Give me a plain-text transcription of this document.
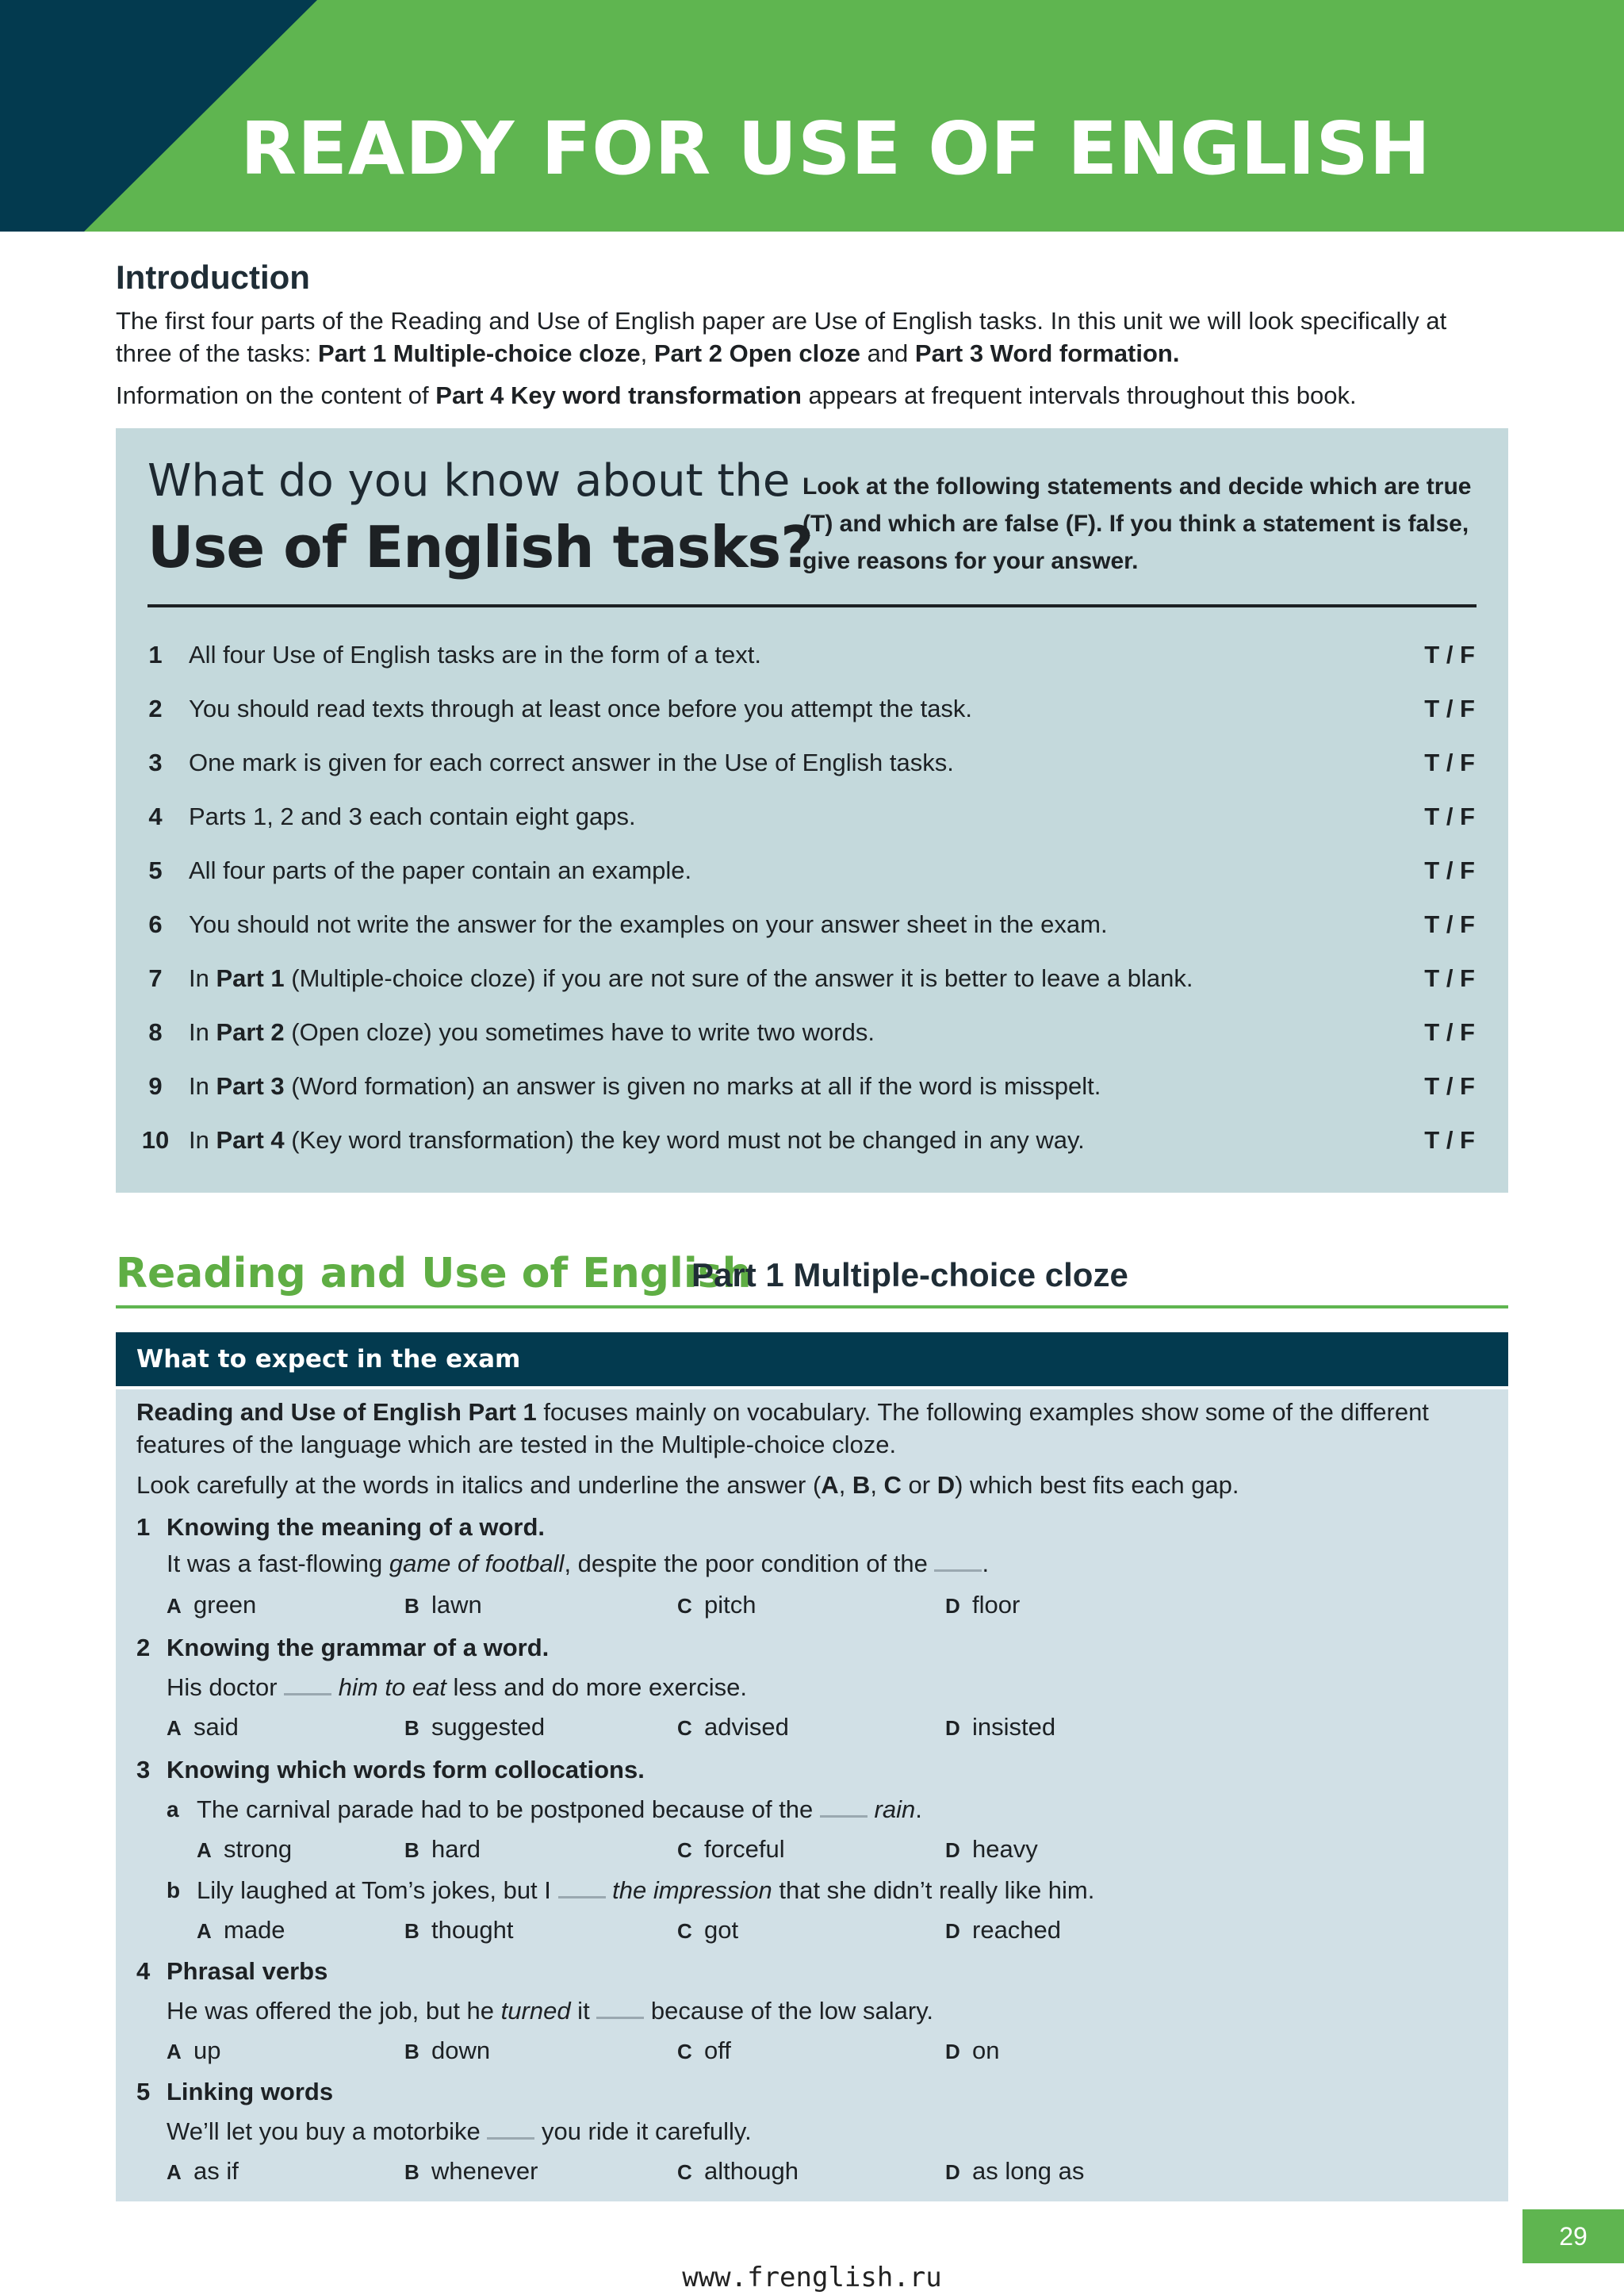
READY FOR USE OF ENGLISH
Introduction
The first four parts of the Reading and Use of English paper are Use of English tasks. In this unit we will look specifically at three of the tasks: Part 1 Multiple-choice cloze, Part 2 Open cloze and Part 3 Word formation.
Information on the content of Part 4 Key word transformation appears at frequent intervals throughout this book.
What do you know about the
Use of English tasks?
Look at the following statements and decide which are true (T) and which are false (F). If you think a statement is false, give reasons for your answer.
1	All four Use of English tasks are in the form of a text.	T / F
2	You should read texts through at least once before you attempt the task.	T / F
3	One mark is given for each correct answer in the Use of English tasks.	T / F
4	Parts 1, 2 and 3 each contain eight gaps.	T / F
5	All four parts of the paper contain an example.	T / F
6	You should not write the answer for the examples on your answer sheet in the exam.	T / F
7	In Part 1 (Multiple-choice cloze) if you are not sure of the answer it is better to leave a blank.	T / F
8	In Part 2 (Open cloze) you sometimes have to write two words.	T / F
9	In Part 3 (Word formation) an answer is given no marks at all if the word is misspelt.	T / F
10 In Part 4 (Key word transformation) the key word must not be changed in any way.	T / F
Reading and Use of English
Part 1 Multiple-choice cloze
What to expect in the exam
Reading and Use of English Part 1 focuses mainly on vocabulary. The following examples show some of the different features of the language which are tested in the Multiple-choice cloze.
Look carefully at the words in italics and underline the answer (A, B, C or D) which best fits each gap.
1 Knowing the meaning of a word.
It was a fast-flowing game of football, despite the poor condition of the .
A green	B lawn	C pitch	D floor
2 Knowing the grammar of a word.
His doctor  him to eat less and do more exercise.
A said	B suggested	C advised	D insisted
3 Knowing which words form collocations.
a The carnival parade had to be postponed because of the  rain.
A strong	B hard	C forceful	D heavy
b Lily laughed at Tom’s jokes, but I  the impression that she didn’t really like him.
A made	B thought	C got	D reached
4 Phrasal verbs
He was offered the job, but he turned it  because of the low salary.
A up	B down	C off	D on
5 Linking words
We’ll let you buy a motorbike  you ride it carefully.
A as if	B whenever	C although	D as long as
29
www.frenglish.ru
